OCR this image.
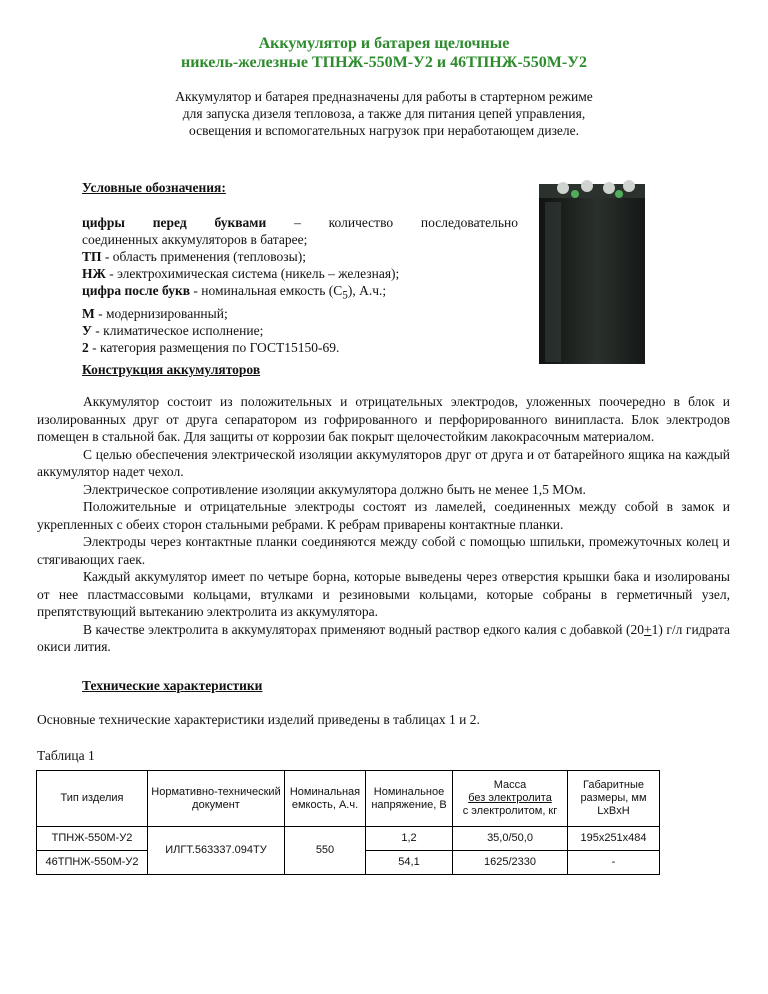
Аккумулятор и батарея щелочные
никель-железные ТПНЖ-550М-У2 и 46ТПНЖ-550М-У2
Аккумулятор и батарея предназначены для работы в стартерном режиме
для запуска дизеля тепловоза, а также для питания цепей управления,
освещения и вспомогательных нагрузок при неработающем дизеле.
Условные обозначения:
цифры перед буквами – количество последовательно
соединенных аккумуляторов в батарее;
ТП - область применения (тепловозы);
НЖ - электрохимическая система (никель – железная);
цифра после букв - номинальная емкость $(С_5)$, А.ч.;
М - модернизированный;
У - климатическое исполнение;
2 - категория размещения по ГОСТ15150-69.
Конструкция аккумуляторов

Аккумулятор состоит из положительных и отрицательных электродов, уложенных поочередно в блок и изолированных друг от друга сепаратором из гофрированного и перфорированного винипласта. Блок электродов помещен в стальной бак. Для защиты от коррозии бак покрыт щелочестойким лакокрасочным материалом.

С целью обеспечения электрической изоляции аккумуляторов друг от друга и от батарейного ящика на каждый аккумулятор надет чехол.

Электрическое сопротивление изоляции аккумулятора должно быть не менее 1,5 МОм.

Положительные и отрицательные электроды состоят из ламелей, соединенных между собой в замок и укрепленных с обеих сторон стальными ребрами. К ребрам приварены контактные планки.

Электроды через контактные планки соединяются между собой с помощью шпильки, промежуточных колец и стягивающих гаек.

Каждый аккумулятор имеет по четыре борна, которые выведены через отверстия крышки бака и изолированы от нее пластмассовыми кольцами, втулками и резиновыми кольцами, которые собраны в герметичный узел, препятствующий вытеканию электролита из аккумулятора.

В качестве электролита в аккумуляторах применяют водный раствор едкого калия с добавкой (20+1) г/л гидрата окиси лития.

Технические характеристики
Основные технические характеристики изделий приведены в таблицах 1 и 2.
Таблица 1
Тип изделия	Нормативно-технический документ	Номинальная емкость, А.ч.	Номинальное напряжение, В	Масса
без электролита
с электролитом, кг	Габаритные размеры, мм LxBxH
ТПНЖ-550М-У2	ИЛГТ.563337.094ТУ	550	1,2	35,0/50,0	195x251x484
46ТПНЖ-550М-У2			54,1	1625/2330	-
